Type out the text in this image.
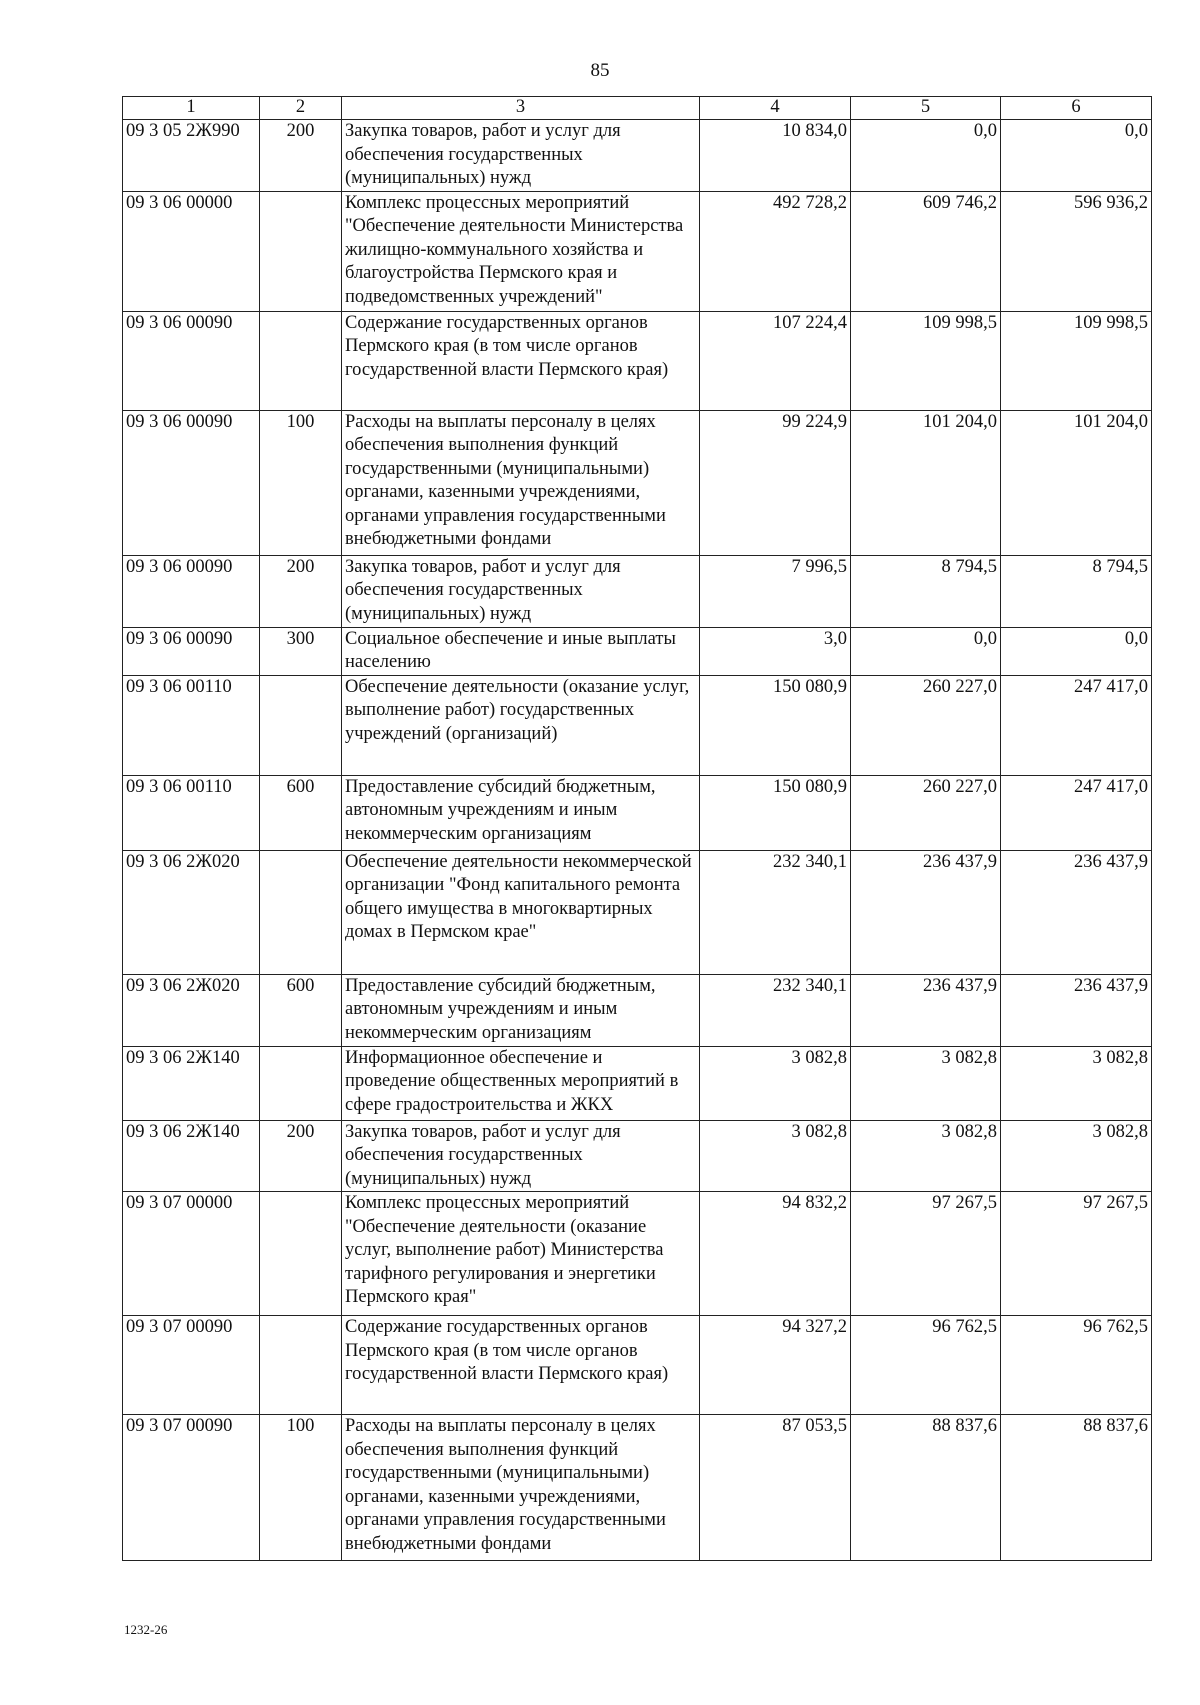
85
1	2	3	4	5	6
09 3 05 2Ж990	200	Закупка товаров, работ и услуг для обеспечения государственных (муниципальных) нужд	10 834,0	0,0	0,0
09 3 06 00000		Комплекс процессных мероприятий "Обеспечение деятельности Министерства жилищно-коммунального хозяйства и благоустройства Пермского края и подведомственных учреждений"	492 728,2	609 746,2	596 936,2
09 3 06 00090		Содержание государственных органов Пермского края (в том числе органов государственной власти Пермского края)	107 224,4	109 998,5	109 998,5
09 3 06 00090	100	Расходы на выплаты персоналу в целях обеспечения выполнения функций государственными (муниципальными) органами, казенными учреждениями, органами управления государственными внебюджетными фондами	99 224,9	101 204,0	101 204,0
09 3 06 00090	200	Закупка товаров, работ и услуг для обеспечения государственных (муниципальных) нужд	7 996,5	8 794,5	8 794,5
09 3 06 00090	300	Социальное обеспечение и иные выплаты населению	3,0	0,0	0,0
09 3 06 00110		Обеспечение деятельности (оказание услуг, выполнение работ) государственных учреждений (организаций)	150 080,9	260 227,0	247 417,0
09 3 06 00110	600	Предоставление субсидий бюджетным, автономным учреждениям и иным некоммерческим организациям	150 080,9	260 227,0	247 417,0
09 3 06 2Ж020		Обеспечение деятельности некоммерческой организации "Фонд капитального ремонта общего имущества в многоквартирных домах в Пермском крае"	232 340,1	236 437,9	236 437,9
09 3 06 2Ж020	600	Предоставление субсидий бюджетным, автономным учреждениям и иным некоммерческим организациям	232 340,1	236 437,9	236 437,9
09 3 06 2Ж140		Информационное обеспечение и проведение общественных мероприятий в сфере градостроительства и ЖКХ	3 082,8	3 082,8	3 082,8
09 3 06 2Ж140	200	Закупка товаров, работ и услуг для обеспечения государственных (муниципальных) нужд	3 082,8	3 082,8	3 082,8
09 3 07 00000		Комплекс процессных мероприятий "Обеспечение деятельности (оказание услуг, выполнение работ) Министерства тарифного регулирования и энергетики Пермского края"	94 832,2	97 267,5	97 267,5
09 3 07 00090		Содержание государственных органов Пермского края (в том числе органов государственной власти Пермского края)	94 327,2	96 762,5	96 762,5
09 3 07 00090	100	Расходы на выплаты персоналу в целях обеспечения выполнения функций государственными (муниципальными) органами, казенными учреждениями, органами управления государственными внебюджетными фондами	87 053,5	88 837,6	88 837,6
1232-26
